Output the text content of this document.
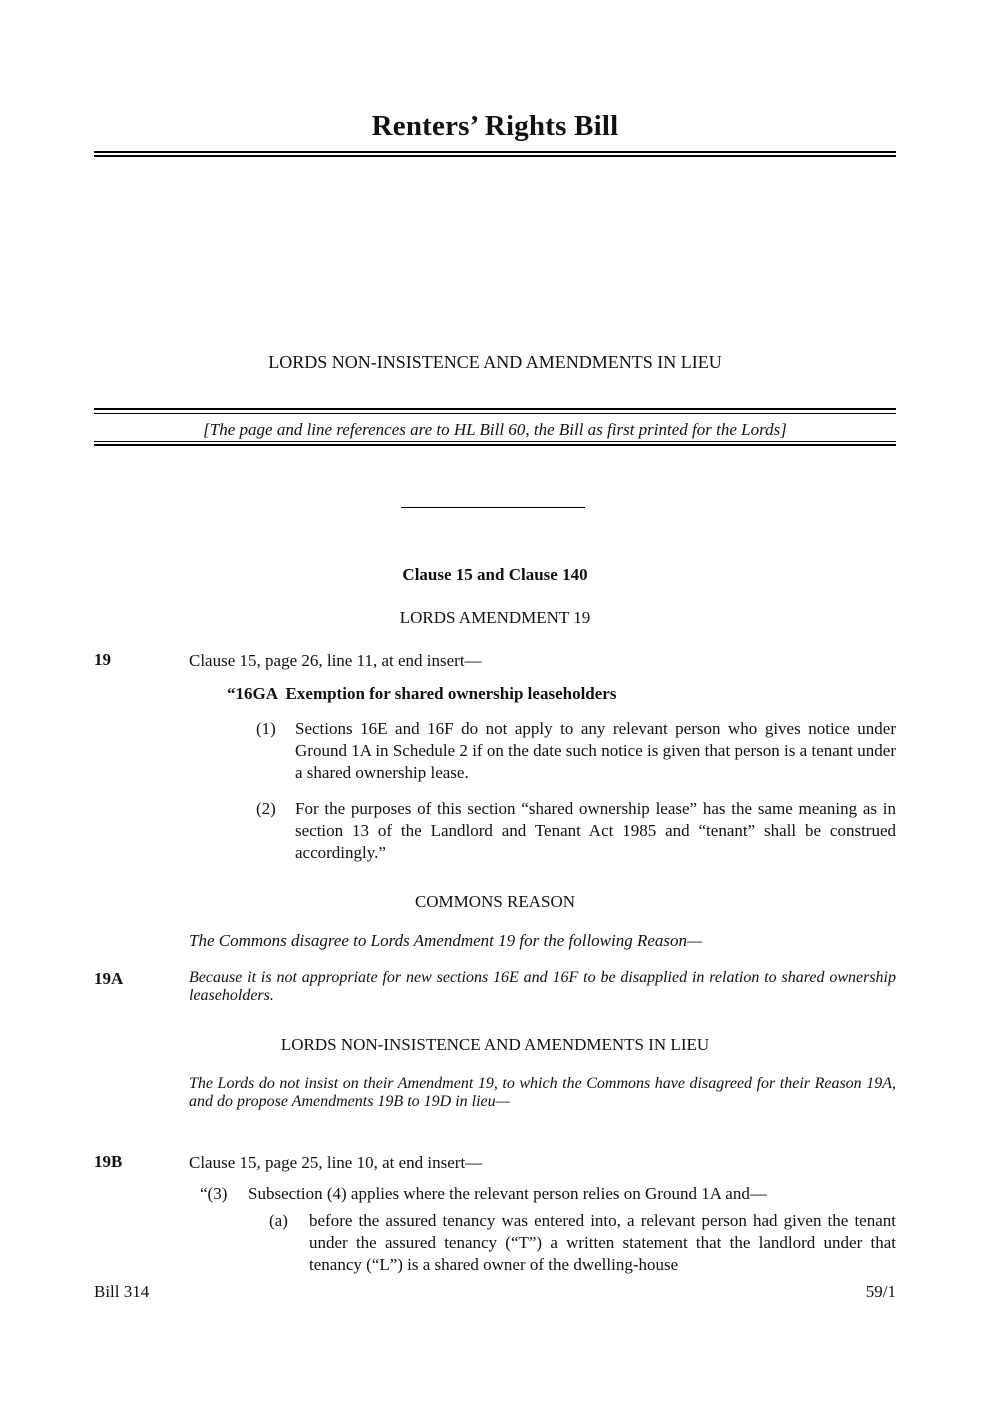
Renters’ Rights Bill
LORDS NON-INSISTENCE AND AMENDMENTS IN LIEU
[The page and line references are to HL Bill 60, the Bill as first printed for the Lords]
Clause 15 and Clause 140
LORDS AMENDMENT 19
19	Clause 15, page 26, line 11, at end insert—
“16GA  Exemption for shared ownership leaseholders
(1) Sections 16E and 16F do not apply to any relevant person who gives notice under Ground 1A in Schedule 2 if on the date such notice is given that person is a tenant under a shared ownership lease.
(2) For the purposes of this section “shared ownership lease” has the same meaning as in section 13 of the Landlord and Tenant Act 1985 and “tenant” shall be construed accordingly.”
COMMONS REASON
The Commons disagree to Lords Amendment 19 for the following Reason—
19A	Because it is not appropriate for new sections 16E and 16F to be disapplied in relation to shared ownership leaseholders.
LORDS NON-INSISTENCE AND AMENDMENTS IN LIEU
The Lords do not insist on their Amendment 19, to which the Commons have disagreed for their Reason 19A, and do propose Amendments 19B to 19D in lieu—
19B	Clause 15, page 25, line 10, at end insert—
“(3) Subsection (4) applies where the relevant person relies on Ground 1A and—
(a) before the assured tenancy was entered into, a relevant person had given the tenant under the assured tenancy (“T”) a written statement that the landlord under that tenancy (“L”) is a shared owner of the dwelling-house
Bill 314	59/1
